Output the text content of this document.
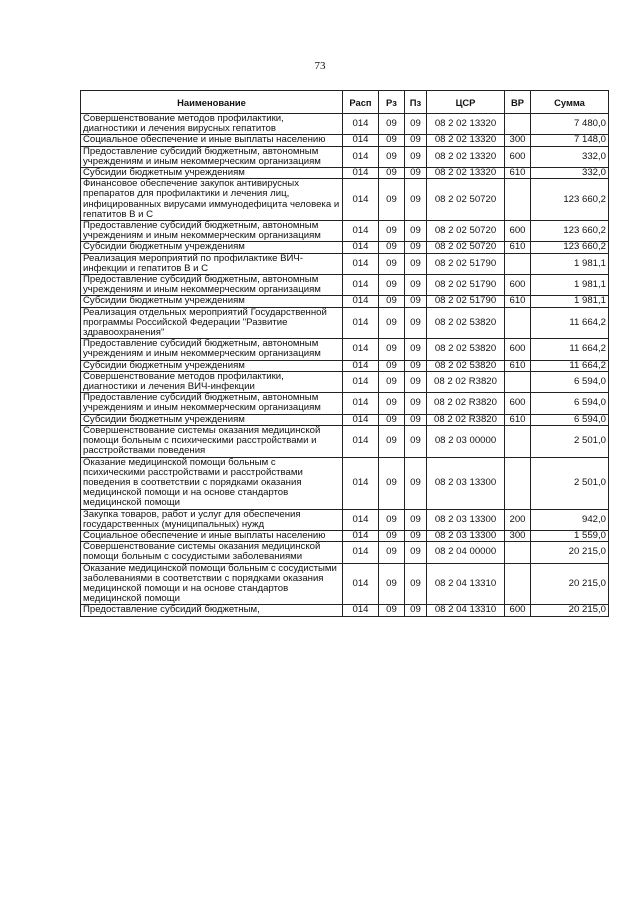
73
Наименование	Расп	Рз	Пз	ЦСР	ВР	Сумма
Совершенствование методов профилактики, диагностики и лечения вирусных гепатитов	014	09	09	08 2 02 13320		7 480,0
Социальное обеспечение и иные выплаты населению	014	09	09	08 2 02 13320	300	7 148,0
Предоставление субсидий бюджетным, автономным учреждениям и иным некоммерческим организациям	014	09	09	08 2 02 13320	600	332,0
Субсидии бюджетным учреждениям	014	09	09	08 2 02 13320	610	332,0
Финансовое обеспечение закупок антивирусных препаратов для профилактики и лечения лиц, инфицированных вирусами иммунодефицита человека и гепатитов В и С	014	09	09	08 2 02 50720		123 660,2
Предоставление субсидий бюджетным, автономным учреждениям и иным некоммерческим организациям	014	09	09	08 2 02 50720	600	123 660,2
Субсидии бюджетным учреждениям	014	09	09	08 2 02 50720	610	123 660,2
Реализация мероприятий по профилактике ВИЧ-инфекции и гепатитов В и С	014	09	09	08 2 02 51790		1 981,1
Предоставление субсидий бюджетным, автономным учреждениям и иным некоммерческим организациям	014	09	09	08 2 02 51790	600	1 981,1
Субсидии бюджетным учреждениям	014	09	09	08 2 02 51790	610	1 981,1
Реализация отдельных мероприятий Государственной программы Российской Федерации "Развитие здравоохранения"	014	09	09	08 2 02 53820		11 664,2
Предоставление субсидий бюджетным, автономным учреждениям и иным некоммерческим организациям	014	09	09	08 2 02 53820	600	11 664,2
Субсидии бюджетным учреждениям	014	09	09	08 2 02 53820	610	11 664,2
Совершенствование методов профилактики, диагностики и лечения ВИЧ-инфекции	014	09	09	08 2 02 R3820		6 594,0
Предоставление субсидий бюджетным, автономным учреждениям и иным некоммерческим организациям	014	09	09	08 2 02 R3820	600	6 594,0
Субсидии бюджетным учреждениям	014	09	09	08 2 02 R3820	610	6 594,0
Совершенствование системы оказания медицинской помощи больным с психическими расстройствами и расстройствами поведения	014	09	09	08 2 03 00000		2 501,0
Оказание медицинской помощи больным с психическими расстройствами и расстройствами поведения в соответствии с порядками оказания медицинской помощи и на основе стандартов медицинской помощи	014	09	09	08 2 03 13300		2 501,0
Закупка товаров, работ и услуг для обеспечения государственных (муниципальных) нужд	014	09	09	08 2 03 13300	200	942,0
Социальное обеспечение и иные выплаты населению	014	09	09	08 2 03 13300	300	1 559,0
Совершенствование системы оказания медицинской помощи больным с сосудистыми заболеваниями	014	09	09	08 2 04 00000		20 215,0
Оказание медицинской помощи больным с сосудистыми заболеваниями в соответствии с порядками оказания медицинской помощи и на основе стандартов медицинской помощи	014	09	09	08 2 04 13310		20 215,0
Предоставление субсидий бюджетным,	014	09	09	08 2 04 13310	600	20 215,0
